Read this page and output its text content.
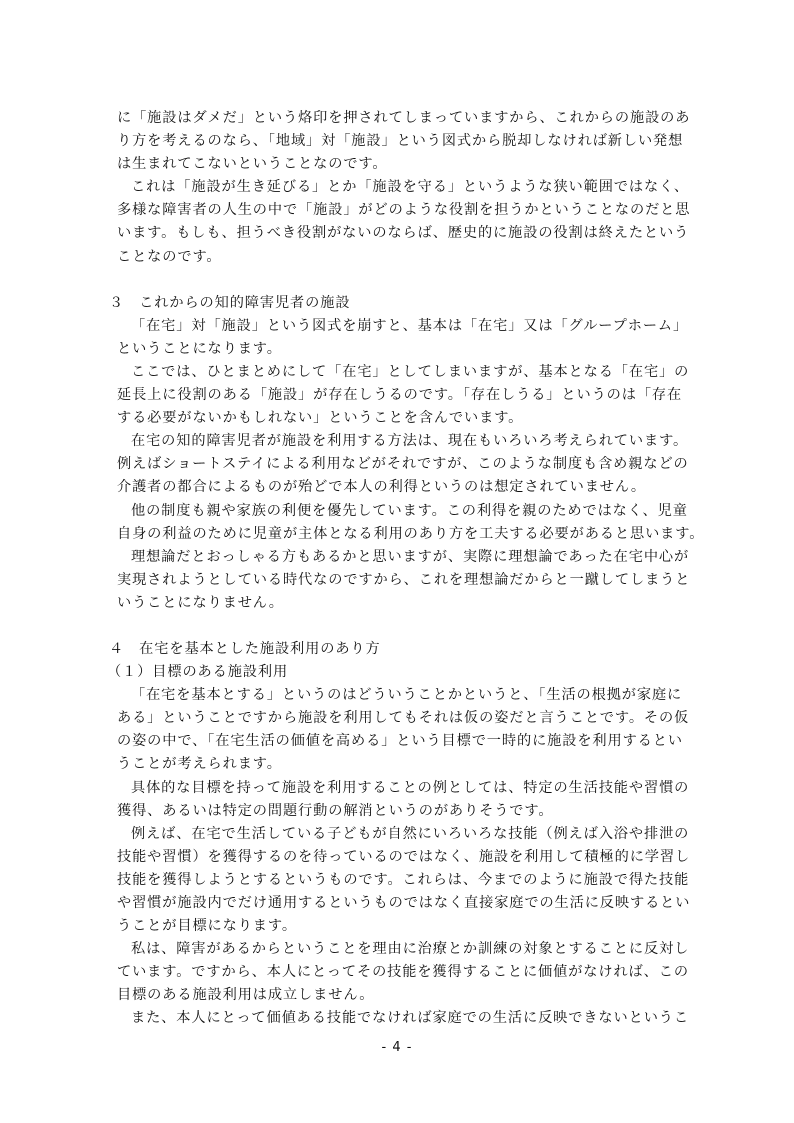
に「施設はダメだ」という烙印を押されてしまっていますから、これからの施設のあ
り方を考えるのなら、「地域」対「施設」という図式から脱却しなければ新しい発想
は生まれてこないということなのです。
これは「施設が生き延びる」とか「施設を守る」というような狭い範囲ではなく、
多様な障害者の人生の中で「施設」がどのような役割を担うかということなのだと思
います。もしも、担うべき役割がないのならば、歴史的に施設の役割は終えたという
ことなのです。
３　これからの知的障害児者の施設
「在宅」対「施設」という図式を崩すと、基本は「在宅」又は「グループホーム」
ということになります。
ここでは、ひとまとめにして「在宅」としてしまいますが、基本となる「在宅」の
延長上に役割のある「施設」が存在しうるのです。「存在しうる」というのは「存在
する必要がないかもしれない」ということを含んでいます。
在宅の知的障害児者が施設を利用する方法は、現在もいろいろ考えられています。
例えばショートステイによる利用などがそれですが、このような制度も含め親などの
介護者の都合によるものが殆どで本人の利得というのは想定されていません。
他の制度も親や家族の利便を優先しています。この利得を親のためではなく、児童
自身の利益のために児童が主体となる利用のあり方を工夫する必要があると思います。
理想論だとおっしゃる方もあるかと思いますが、実際に理想論であった在宅中心が
実現されようとしている時代なのですから、これを理想論だからと一蹴してしまうと
いうことになりません。
４　在宅を基本とした施設利用のあり方
（１）目標のある施設利用
「在宅を基本とする」というのはどういうことかというと、「生活の根拠が家庭に
ある」ということですから施設を利用してもそれは仮の姿だと言うことです。その仮
の姿の中で、「在宅生活の価値を高める」という目標で一時的に施設を利用するとい
うことが考えられます。
具体的な目標を持って施設を利用することの例としては、特定の生活技能や習慣の
獲得、あるいは特定の問題行動の解消というのがありそうです。
例えば、在宅で生活している子どもが自然にいろいろな技能（例えば入浴や排泄の
技能や習慣）を獲得するのを待っているのではなく、施設を利用して積極的に学習し
技能を獲得しようとするというものです。これらは、今までのように施設で得た技能
や習慣が施設内でだけ通用するというものではなく直接家庭での生活に反映するとい
うことが目標になります。
私は、障害があるからということを理由に治療とか訓練の対象とすることに反対し
ています。ですから、本人にとってその技能を獲得することに価値がなければ、この
目標のある施設利用は成立しません。
また、本人にとって価値ある技能でなければ家庭での生活に反映できないというこ
- 4 -
